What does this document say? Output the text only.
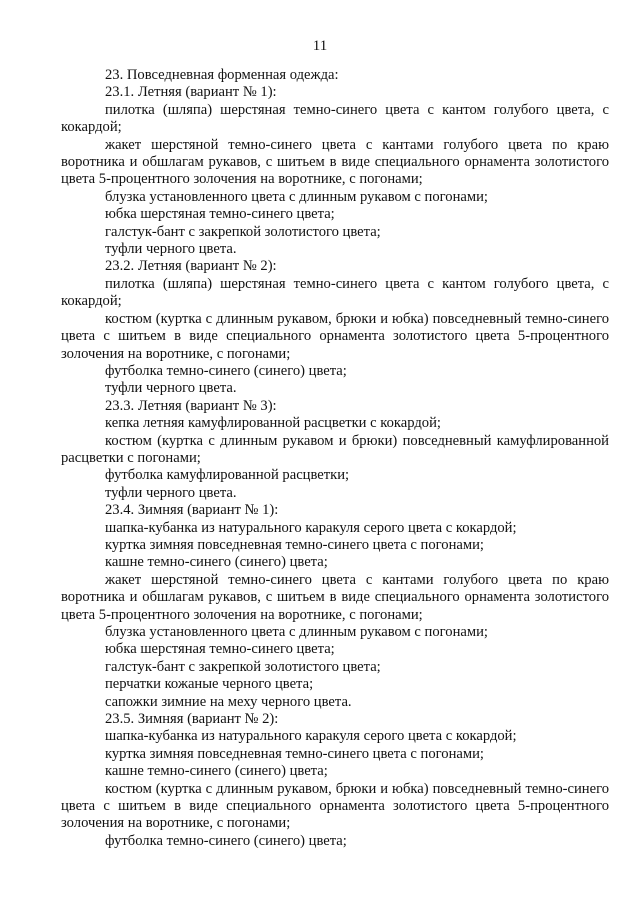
11

23. Повседневная форменная одежда:

23.1. Летняя (вариант № 1):

пилотка (шляпа) шерстяная темно-синего цвета с кантом голубого цвета, с кокардой;

жакет шерстяной темно-синего цвета с кантами голубого цвета по краю воротника и обшлагам рукавов, с шитьем в виде специального орнамента золотистого цвета 5-процентного золочения на воротнике, с погонами;

блузка установленного цвета с длинным рукавом с погонами;

юбка шерстяная темно-синего цвета;

галстук-бант с закрепкой золотистого цвета;

туфли черного цвета.

23.2. Летняя (вариант № 2):

пилотка (шляпа) шерстяная темно-синего цвета с кантом голубого цвета, с кокардой;

костюм (куртка с длинным рукавом, брюки и юбка) повседневный темно-синего цвета с шитьем в виде специального орнамента золотистого цвета 5-процентного золочения на воротнике, с погонами;

футболка темно-синего (синего) цвета;

туфли черного цвета.

23.3. Летняя (вариант № 3):

кепка летняя камуфлированной расцветки с кокардой;

костюм (куртка с длинным рукавом и брюки) повседневный камуфлированной расцветки с погонами;

футболка камуфлированной расцветки;

туфли черного цвета.

23.4. Зимняя (вариант № 1):

шапка-кубанка из натурального каракуля серого цвета с кокардой;

куртка зимняя повседневная темно-синего цвета с погонами;

кашне темно-синего (синего) цвета;

жакет шерстяной темно-синего цвета с кантами голубого цвета по краю воротника и обшлагам рукавов, с шитьем в виде специального орнамента золотистого цвета 5-процентного золочения на воротнике, с погонами;

блузка установленного цвета с длинным рукавом с погонами;

юбка шерстяная темно-синего цвета;

галстук-бант с закрепкой золотистого цвета;

перчатки кожаные черного цвета;

сапожки зимние на меху черного цвета.

23.5. Зимняя (вариант № 2):

шапка-кубанка из натурального каракуля серого цвета с кокардой;

куртка зимняя повседневная темно-синего цвета с погонами;

кашне темно-синего (синего) цвета;

костюм (куртка с длинным рукавом, брюки и юбка) повседневный темно-синего цвета с шитьем в виде специального орнамента золотистого цвета 5-процентного золочения на воротнике, с погонами;

футболка темно-синего (синего) цвета;
